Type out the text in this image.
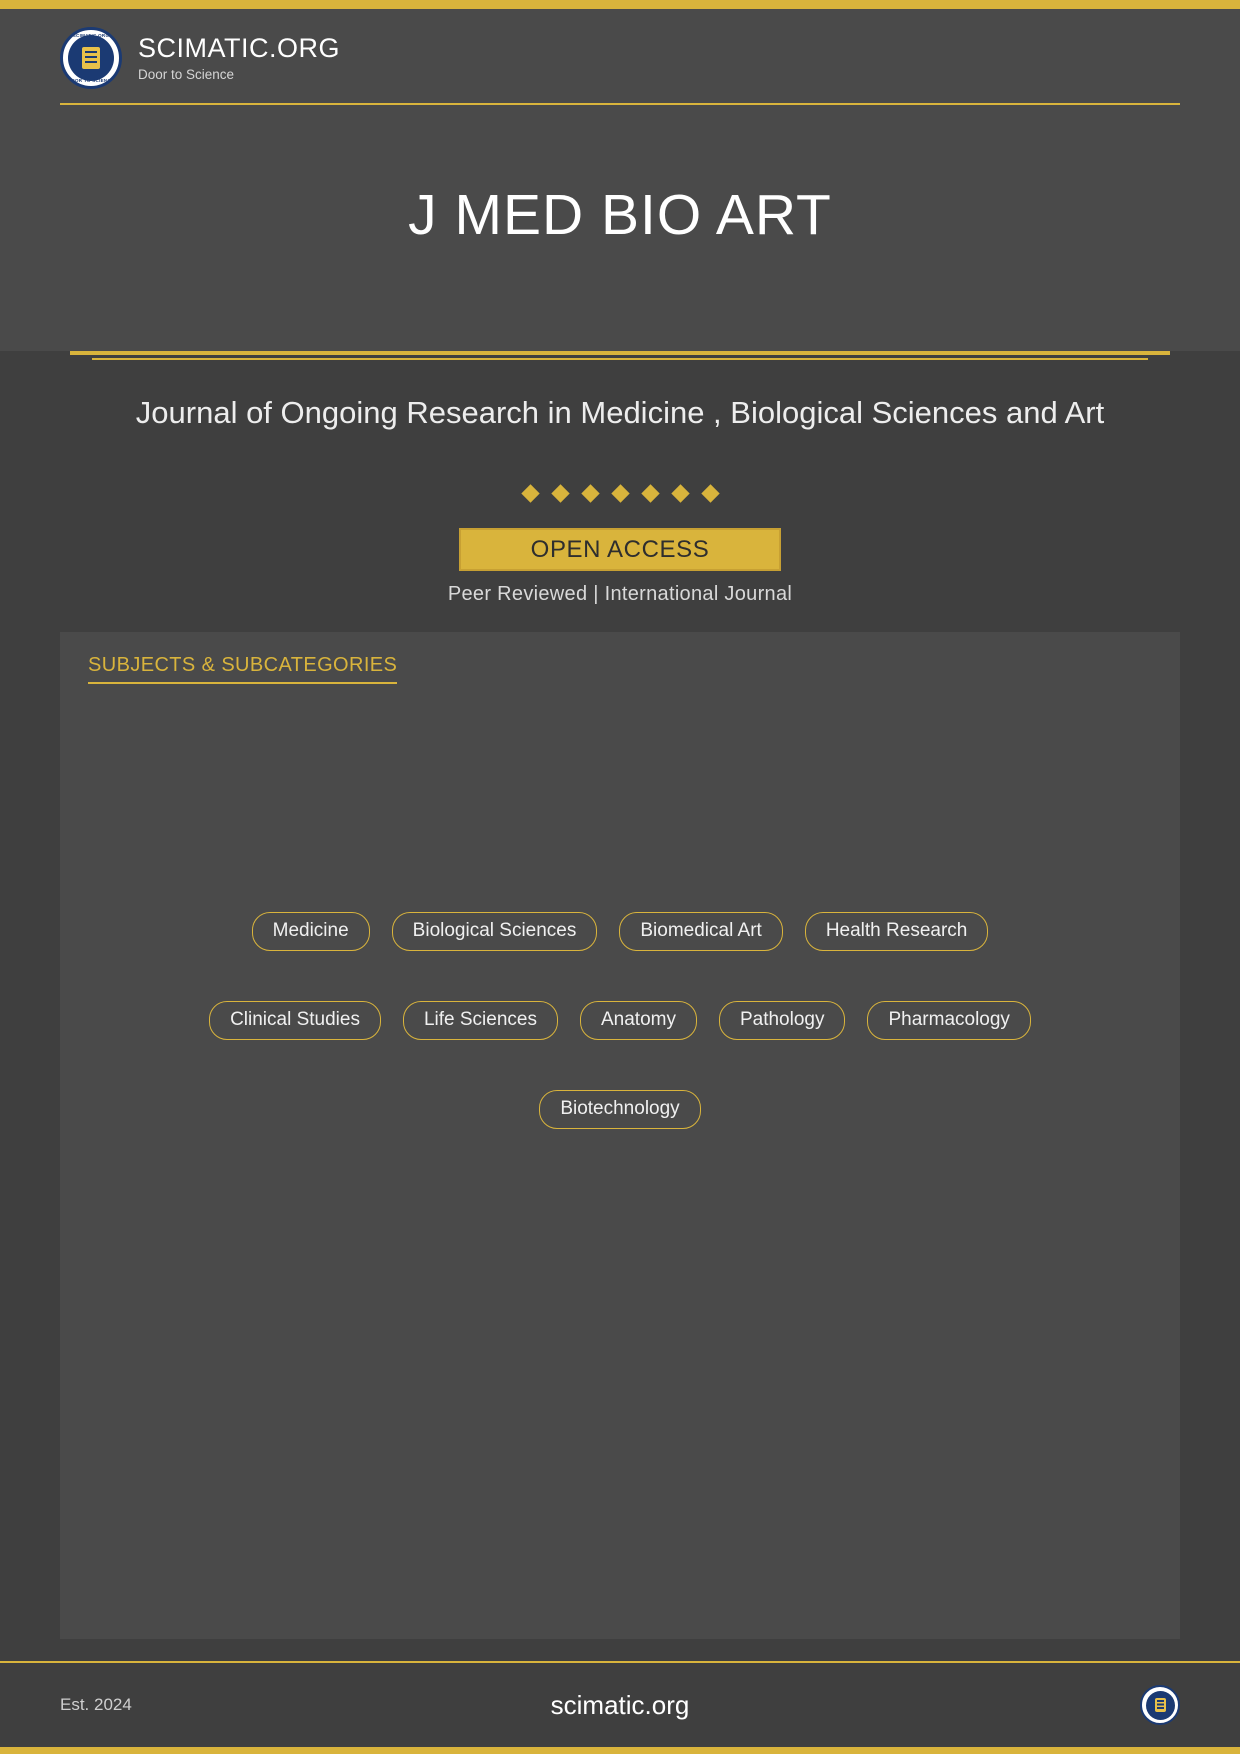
SCIMATIC.ORG
DOOR TO SCIENCE
SCIMATIC.ORG
Door to Science
J MED BIO ART
Journal of Ongoing Research in Medicine , Biological Sciences and Art
OPEN ACCESS
Peer Reviewed | International Journal
SUBJECTS & SUBCATEGORIES
Medicine	Biological Sciences	Biomedical Art	Health Research
Clinical Studies	Life Sciences	Anatomy	Pathology	Pharmacology
Biotechnology
Est. 2024	scimatic.org
